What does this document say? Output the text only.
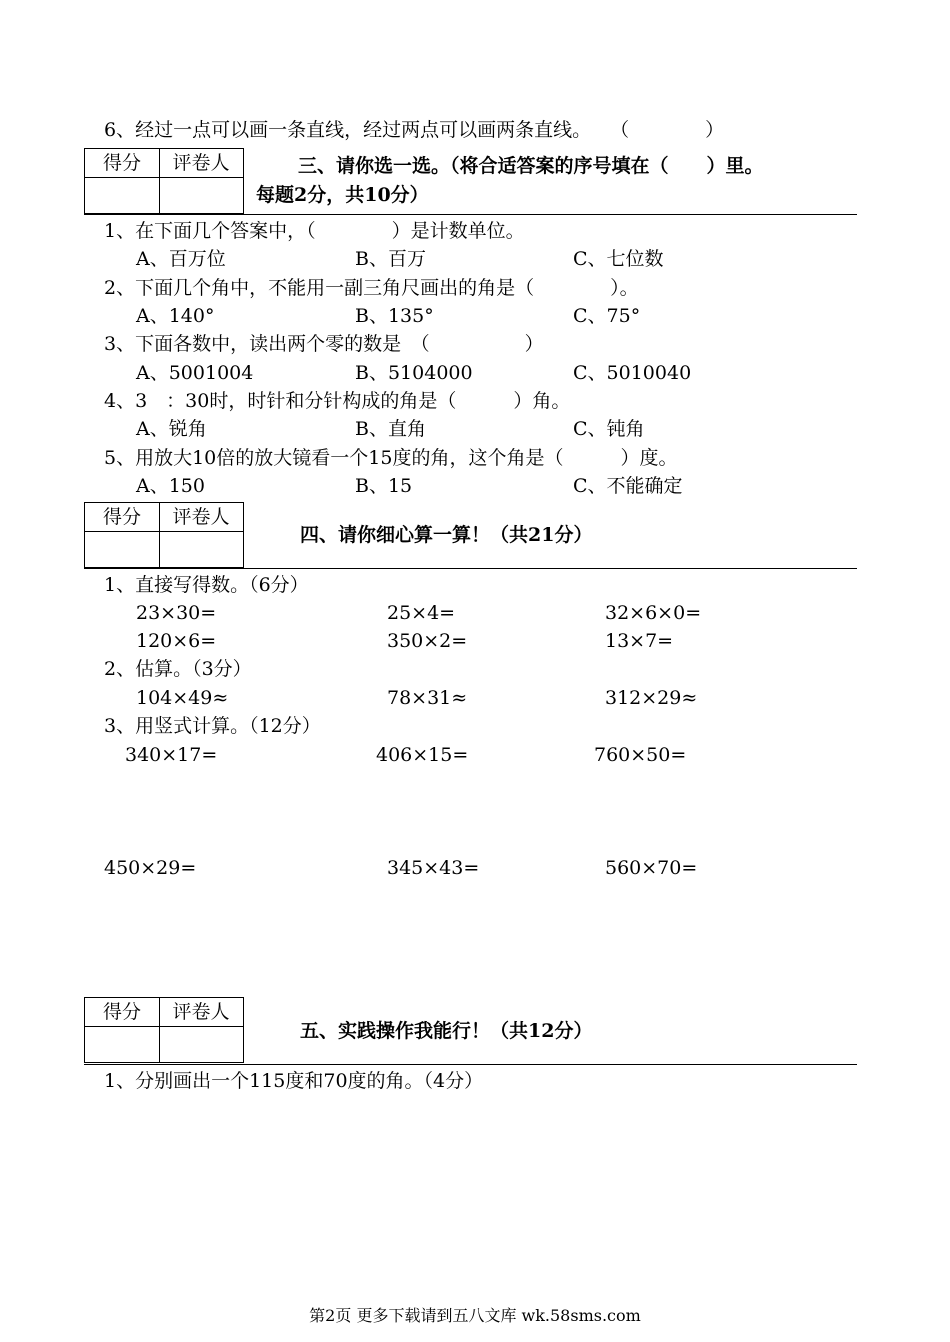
6、经过一点可以画一条直线，经过两点可以画两条直线。　　（　　　　）
得分	评卷人	三、请你选一选。（将合适答案的序号填在（　　）里。
每题2分，共10分）
1、在下面几个答案中，（　　　　）是计数单位。
A、百万位	B、百万	C、七位数
2、下面几个角中，不能用一副三角尺画出的角是（　　　　）。
A、140°	B、135°	C、75°
3、下面各数中，读出两个零的数是　（　　　　　）
A、5001004	B、5104000	C、5010040
4、3　：30时，时针和分针构成的角是（　　　）角。
A、锐角	B、直角	C、钝角
5、用放大10倍的放大镜看一个15度的角，这个角是（　　　）度。
A、150	B、15	C、不能确定
得分	评卷人
四、请你细心算一算！（共21分）
1、直接写得数。（6分）
23×30=	25×4=	32×6×0=
120×6=	350×2=	13×7=
2、估算。（3分）
104×49≈	78×31≈	312×29≈
3、用竖式计算。（12分）
340×17=	406×15=	760×50=
450×29=	345×43=	560×70=
得分	评卷人
五、实践操作我能行！（共12分）
1、分别画出一个115度和70度的角。（4分）
第2页 更多下载请到五八文库 wk.58sms.com
